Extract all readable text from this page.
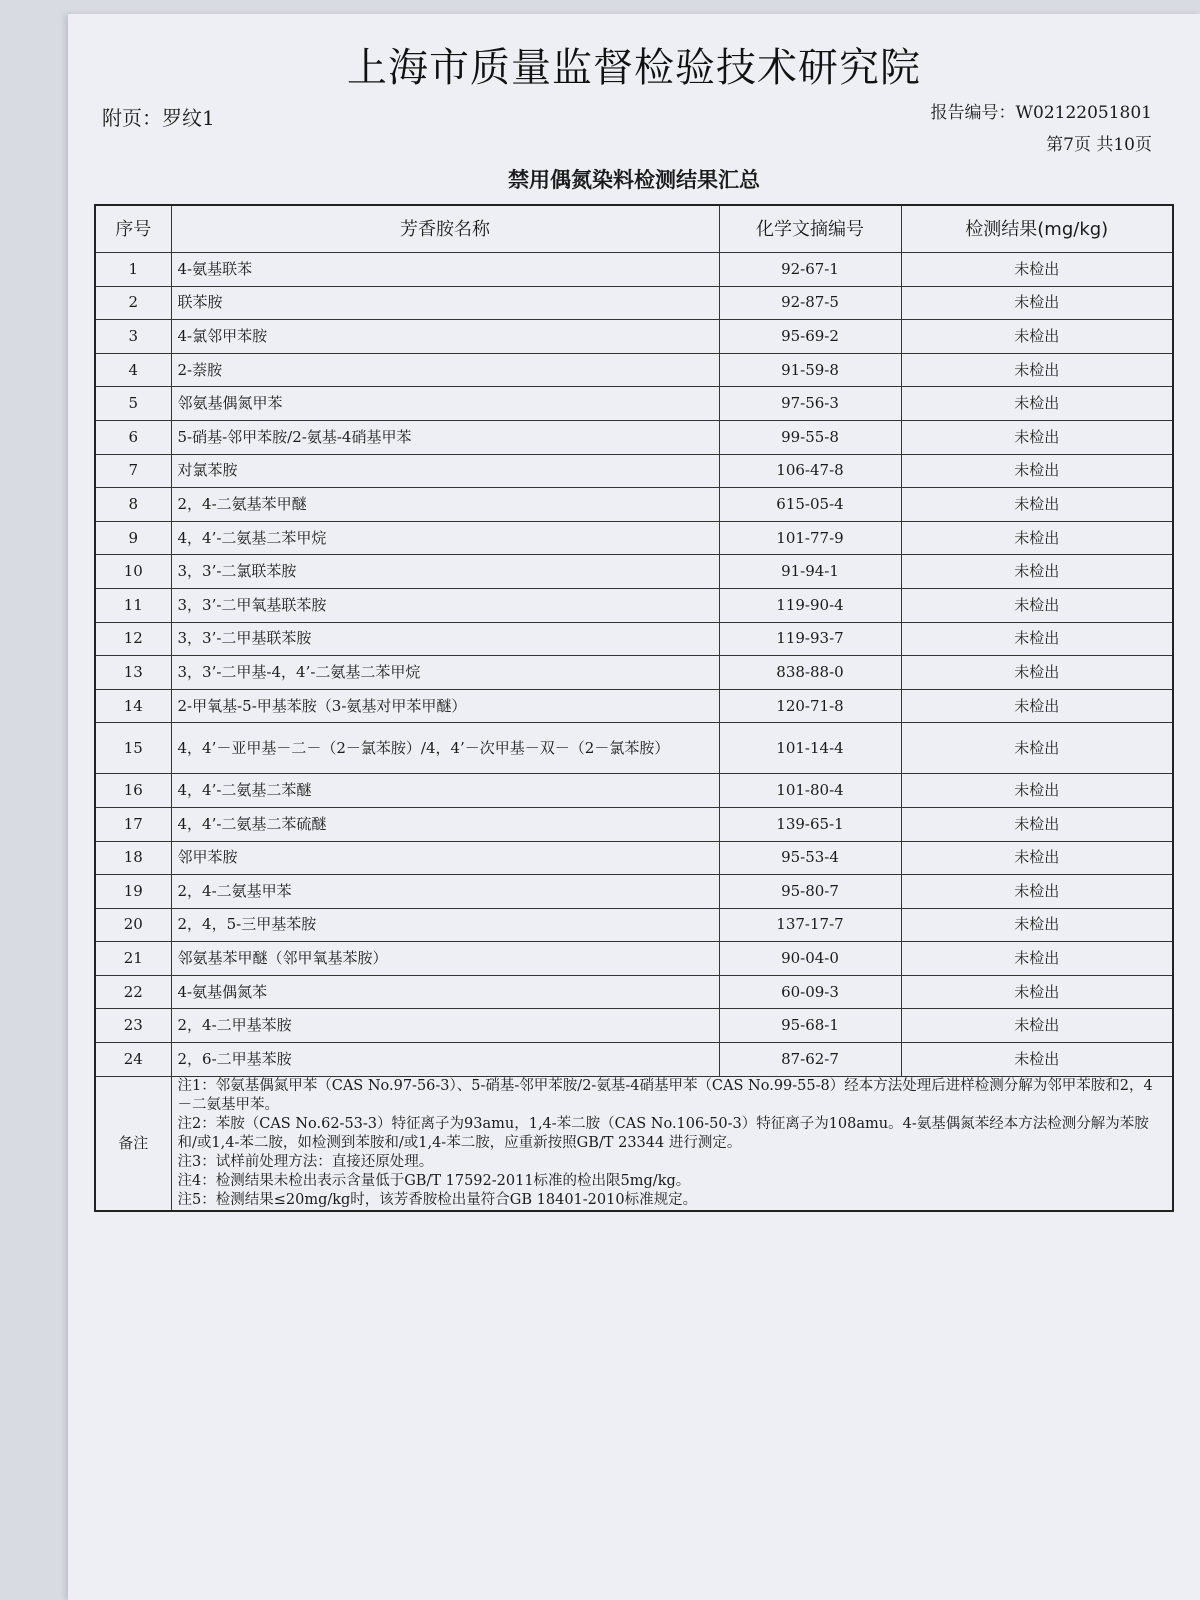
上海市质量监督检验技术研究院
附页：罗纹1	报告编号：W02122051801
第7页 共10页
禁用偶氮染料检测结果汇总
序号	芳香胺名称	化学文摘编号	检测结果(mg/kg)
1	4-氨基联苯	92-67-1	未检出
2	联苯胺	92-87-5	未检出
3	4-氯邻甲苯胺	95-69-2	未检出
4	2-萘胺	91-59-8	未检出
5	邻氨基偶氮甲苯	97-56-3	未检出
6	5-硝基-邻甲苯胺/2-氨基-4硝基甲苯	99-55-8	未检出
7	对氯苯胺	106-47-8	未检出
8	2，4-二氨基苯甲醚	615-05-4	未检出
9	4，4’-二氨基二苯甲烷	101-77-9	未检出
10	3，3’-二氯联苯胺	91-94-1	未检出
11	3，3’-二甲氧基联苯胺	119-90-4	未检出
12	3，3’-二甲基联苯胺	119-93-7	未检出
13	3，3’-二甲基-4，4’-二氨基二苯甲烷	838-88-0	未检出
14	2-甲氧基-5-甲基苯胺（3-氨基对甲苯甲醚）	120-71-8	未检出
15	4，4’－亚甲基－二－（2－氯苯胺）/4，4’－次甲基－双－（2－氯苯胺）	101-14-4	未检出
16	4，4’-二氨基二苯醚	101-80-4	未检出
17	4，4’-二氨基二苯硫醚	139-65-1	未检出
18	邻甲苯胺	95-53-4	未检出
19	2，4-二氨基甲苯	95-80-7	未检出
20	2，4，5-三甲基苯胺	137-17-7	未检出
21	邻氨基苯甲醚（邻甲氧基苯胺）	90-04-0	未检出
22	4-氨基偶氮苯	60-09-3	未检出
23	2，4-二甲基苯胺	95-68-1	未检出
24	2，6-二甲基苯胺	87-62-7	未检出
备注	注1：邻氨基偶氮甲苯（CAS No.97-56-3）、5-硝基-邻甲苯胺/2-氨基-4硝基甲苯（CAS No.99-55-8）经本方法处理后进样检测分解为邻甲苯胺和2，4－二氨基甲苯。

注2：苯胺（CAS No.62-53-3）特征离子为93amu，1,4-苯二胺（CAS No.106-50-3）特征离子为108amu。4-氨基偶氮苯经本方法检测分解为苯胺和/或1,4-苯二胺，如检测到苯胺和/或1,4-苯二胺，应重新按照GB/T 23344 进行测定。

注3：试样前处理方法：直接还原处理。

注4：检测结果未检出表示含量低于GB/T 17592-2011标准的检出限5mg/kg。

注5：检测结果≤20mg/kg时，该芳香胺检出量符合GB 18401-2010标准规定。		
